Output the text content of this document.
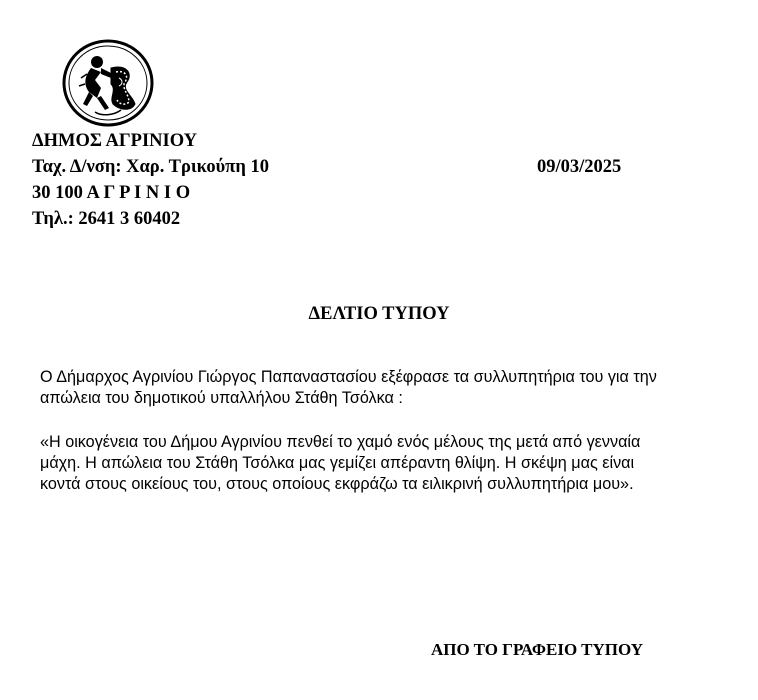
ΔΗΜΟΣ ΑΓΡΙΝΙΟΥ
Ταχ. Δ/νση: Χαρ. Τρικούπη 10
30 100 Α Γ Ρ Ι Ν Ι Ο
Τηλ.: 2641 3 60402
09/03/2025
ΔΕΛΤΙΟ ΤΥΠΟΥ
Ο Δήμαρχος Αγρινίου Γιώργος Παπαναστασίου εξέφρασε τα συλλυπητήρια του για την
απώλεια του δημοτικού υπαλλήλου Στάθη Τσόλκα :
«Η οικογένεια του Δήμου Αγρινίου πενθεί το χαμό ενός μέλους της μετά από γενναία
μάχη. Η απώλεια του Στάθη Τσόλκα μας γεμίζει απέραντη θλίψη. Η σκέψη μας είναι
κοντά στους οικείους του, στους οποίους εκφράζω τα ειλικρινή συλλυπητήρια μου».
ΑΠΟ ΤΟ ΓΡΑΦΕΙΟ ΤΥΠΟΥ
